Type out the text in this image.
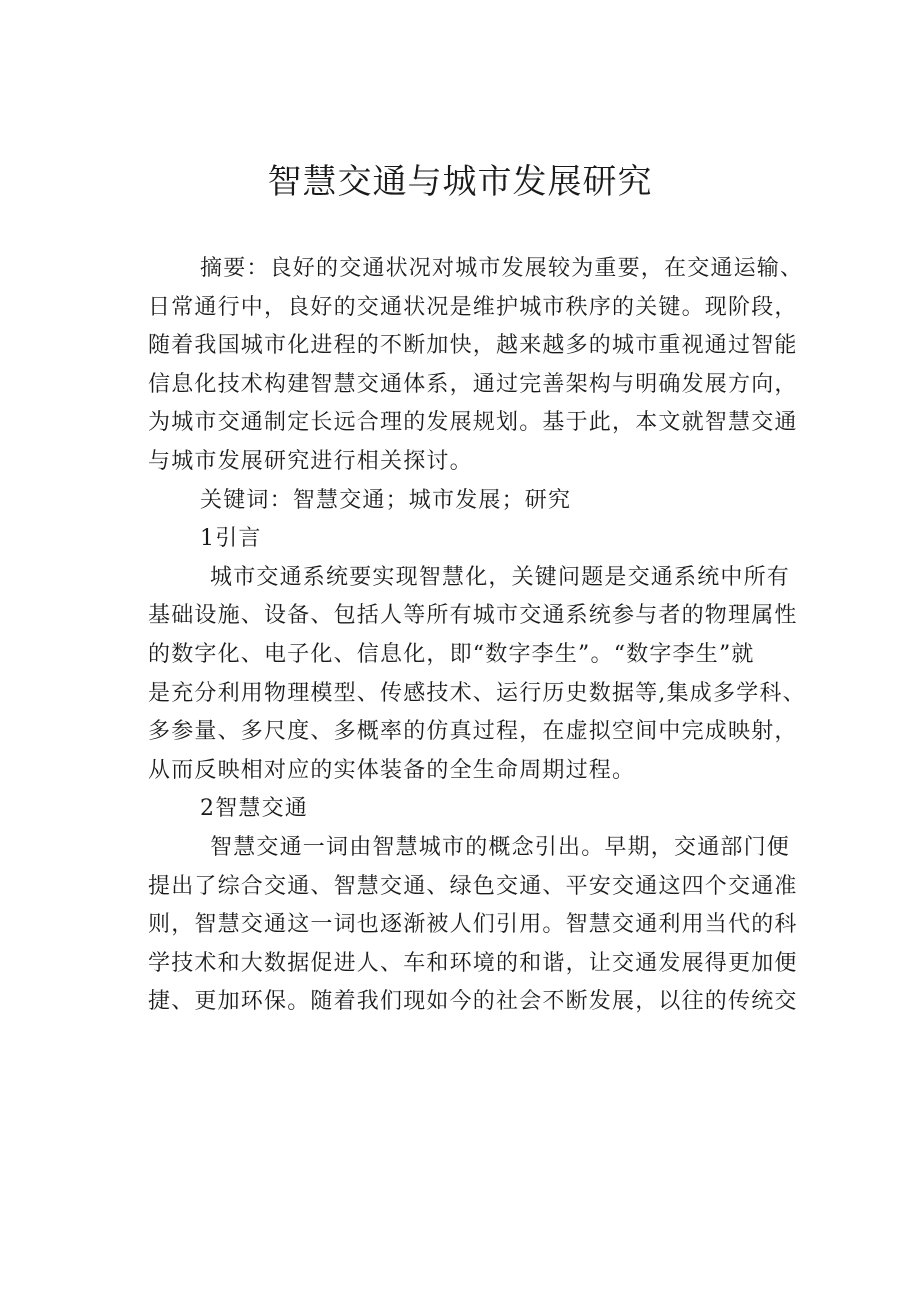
智慧交通与城市发展研究
摘要：良好的交通状况对城市发展较为重要，在交通运输、
日常通行中，良好的交通状况是维护城市秩序的关键。现阶段，
随着我国城市化进程的不断加快，越来越多的城市重视通过智能
信息化技术构建智慧交通体系，通过完善架构与明确发展方向，
为城市交通制定长远合理的发展规划。基于此，本文就智慧交通
与城市发展研究进行相关探讨。
关键词：智慧交通；城市发展；研究
1引言
城市交通系统要实现智慧化，关键问题是交通系统中所有
基础设施、设备、包括人等所有城市交通系统参与者的物理属性
的数字化、电子化、信息化，即“数字李生”。“数字李生”就
是充分利用物理模型、传感技术、运行历史数据等,集成多学科、
多参量、多尺度、多概率的仿真过程，在虚拟空间中完成映射，
从而反映相对应的实体装备的全生命周期过程。
2智慧交通
智慧交通一词由智慧城市的概念引出。早期，交通部门便
提出了综合交通、智慧交通、绿色交通、平安交通这四个交通准
则，智慧交通这一词也逐渐被人们引用。智慧交通利用当代的科
学技术和大数据促进人、车和环境的和谐，让交通发展得更加便
捷、更加环保。随着我们现如今的社会不断发展，以往的传统交
